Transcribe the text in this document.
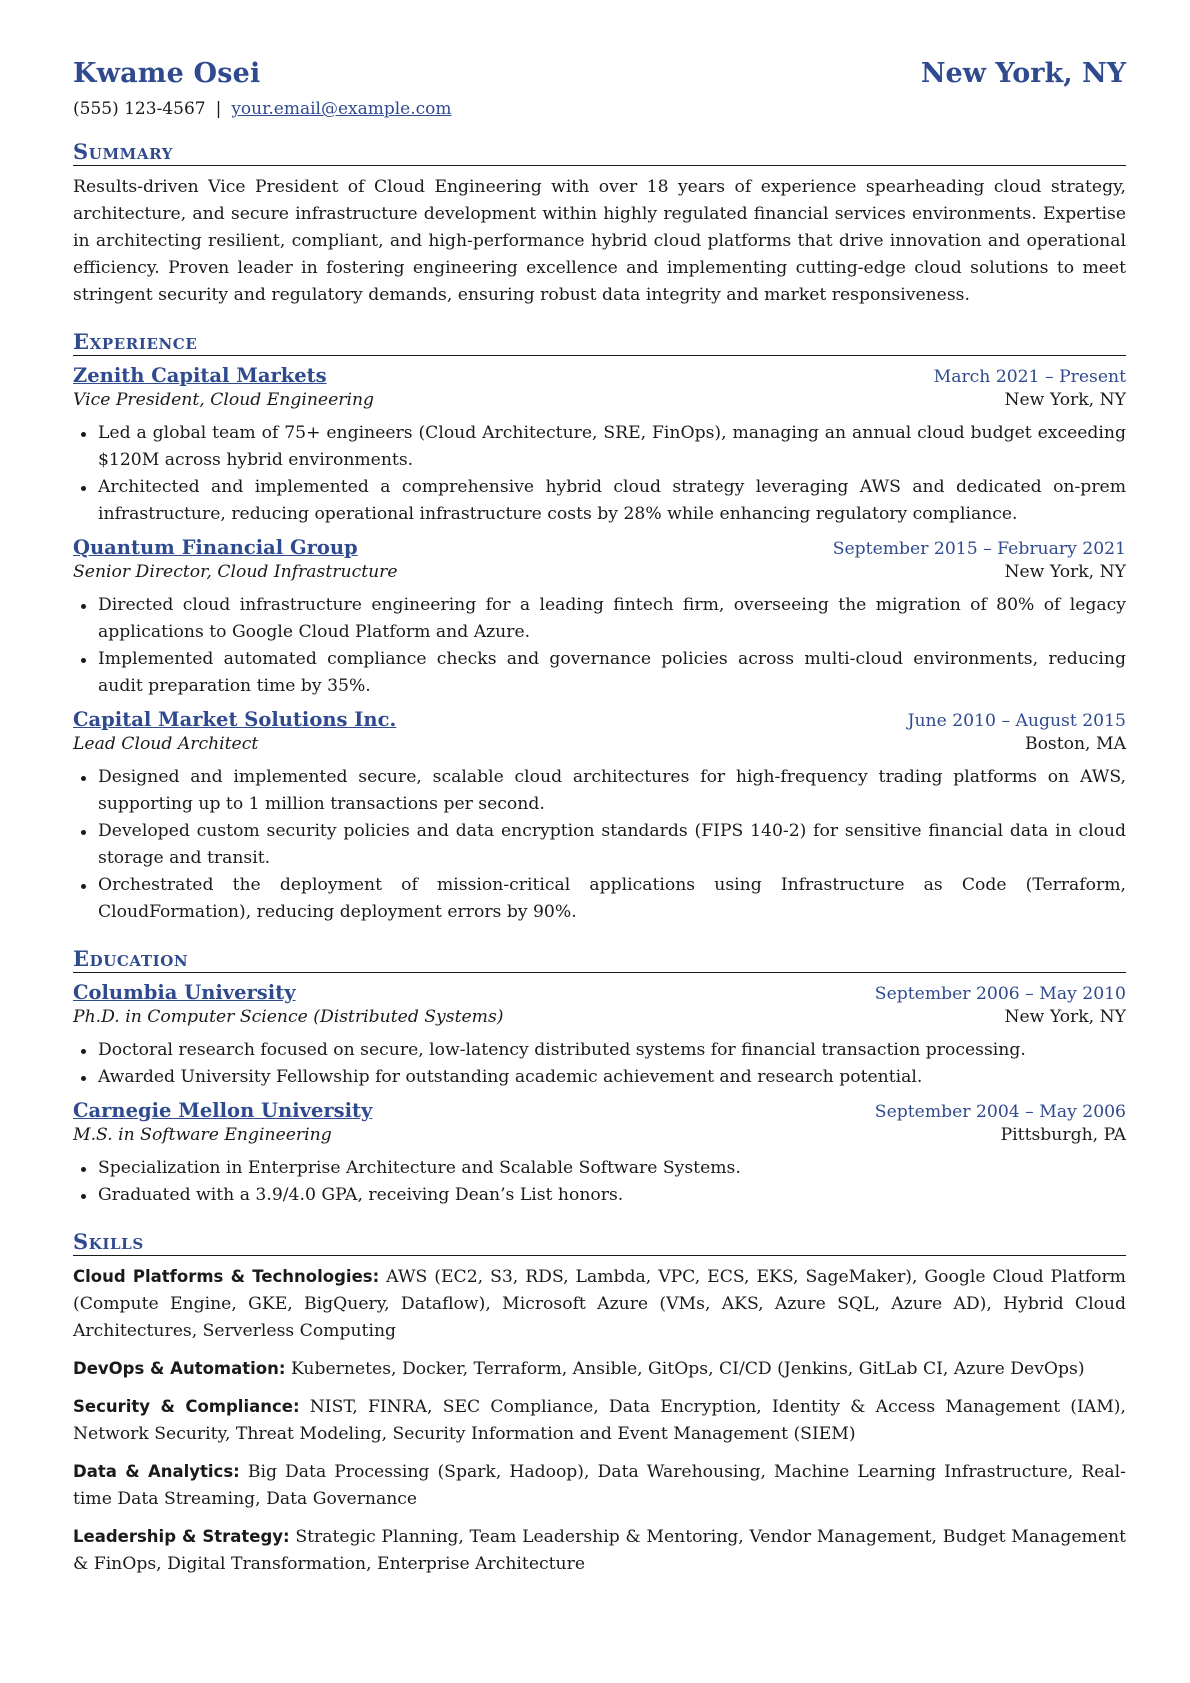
Kwame Osei	New York, NY
(555) 123-4567 | your.email@example.com
Summary
Results-driven Vice President of Cloud Engineering with over 18 years of experience spearheading cloud strategy, architecture, and secure infrastructure development within highly regulated financial services environments. Expertise in architecting resilient, compliant, and high-performance hybrid cloud platforms that drive innovation and operational efficiency. Proven leader in fostering engineering excellence and implementing cutting-edge cloud solutions to meet stringent security and regulatory demands, ensuring robust data integrity and market responsiveness.
Experience
Zenith Capital Markets	March 2021 – Present
Vice President, Cloud Engineering	New York, NY
Led a global team of 75+ engineers (Cloud Architecture, SRE, FinOps), managing an annual cloud budget exceeding $120M across hybrid environments.
Architected and implemented a comprehensive hybrid cloud strategy leveraging AWS and dedicated on-prem infrastructure, reducing operational infrastructure costs by 28% while enhancing regulatory compliance.
Quantum Financial Group	September 2015 – February 2021
Senior Director, Cloud Infrastructure	New York, NY
Directed cloud infrastructure engineering for a leading fintech firm, overseeing the migration of 80% of legacy applications to Google Cloud Platform and Azure.
Implemented automated compliance checks and governance policies across multi-cloud environments, reducing audit preparation time by 35%.
Capital Market Solutions Inc.	June 2010 – August 2015
Lead Cloud Architect	Boston, MA
Designed and implemented secure, scalable cloud architectures for high-frequency trading platforms on AWS, supporting up to 1 million transactions per second.
Developed custom security policies and data encryption standards (FIPS 140-2) for sensitive financial data in cloud storage and transit.
Orchestrated the deployment of mission-critical applications using Infrastructure as Code (Terraform, CloudFormation), reducing deployment errors by 90%.
Education
Columbia University	September 2006 – May 2010
Ph.D. in Computer Science (Distributed Systems)	New York, NY
Doctoral research focused on secure, low-latency distributed systems for financial transaction processing.
Awarded University Fellowship for outstanding academic achievement and research potential.
Carnegie Mellon University	September 2004 – May 2006
M.S. in Software Engineering	Pittsburgh, PA
Specialization in Enterprise Architecture and Scalable Software Systems.
Graduated with a 3.9/4.0 GPA, receiving Dean’s List honors.
Skills
Cloud Platforms & Technologies: AWS (EC2, S3, RDS, Lambda, VPC, ECS, EKS, SageMaker), Google Cloud Platform (Compute Engine, GKE, BigQuery, Dataflow), Microsoft Azure (VMs, AKS, Azure SQL, Azure AD), Hybrid Cloud Architectures, Serverless Computing
DevOps & Automation: Kubernetes, Docker, Terraform, Ansible, GitOps, CI/CD (Jenkins, GitLab CI, Azure DevOps)
Security & Compliance: NIST, FINRA, SEC Compliance, Data Encryption, Identity & Access Management (IAM), Network Security, Threat Modeling, Security Information and Event Management (SIEM)
Data & Analytics: Big Data Processing (Spark, Hadoop), Data Warehousing, Machine Learning Infrastructure, Real-time Data Streaming, Data Governance
Leadership & Strategy: Strategic Planning, Team Leadership & Mentoring, Vendor Management, Budget Management & FinOps, Digital Transformation, Enterprise Architecture
